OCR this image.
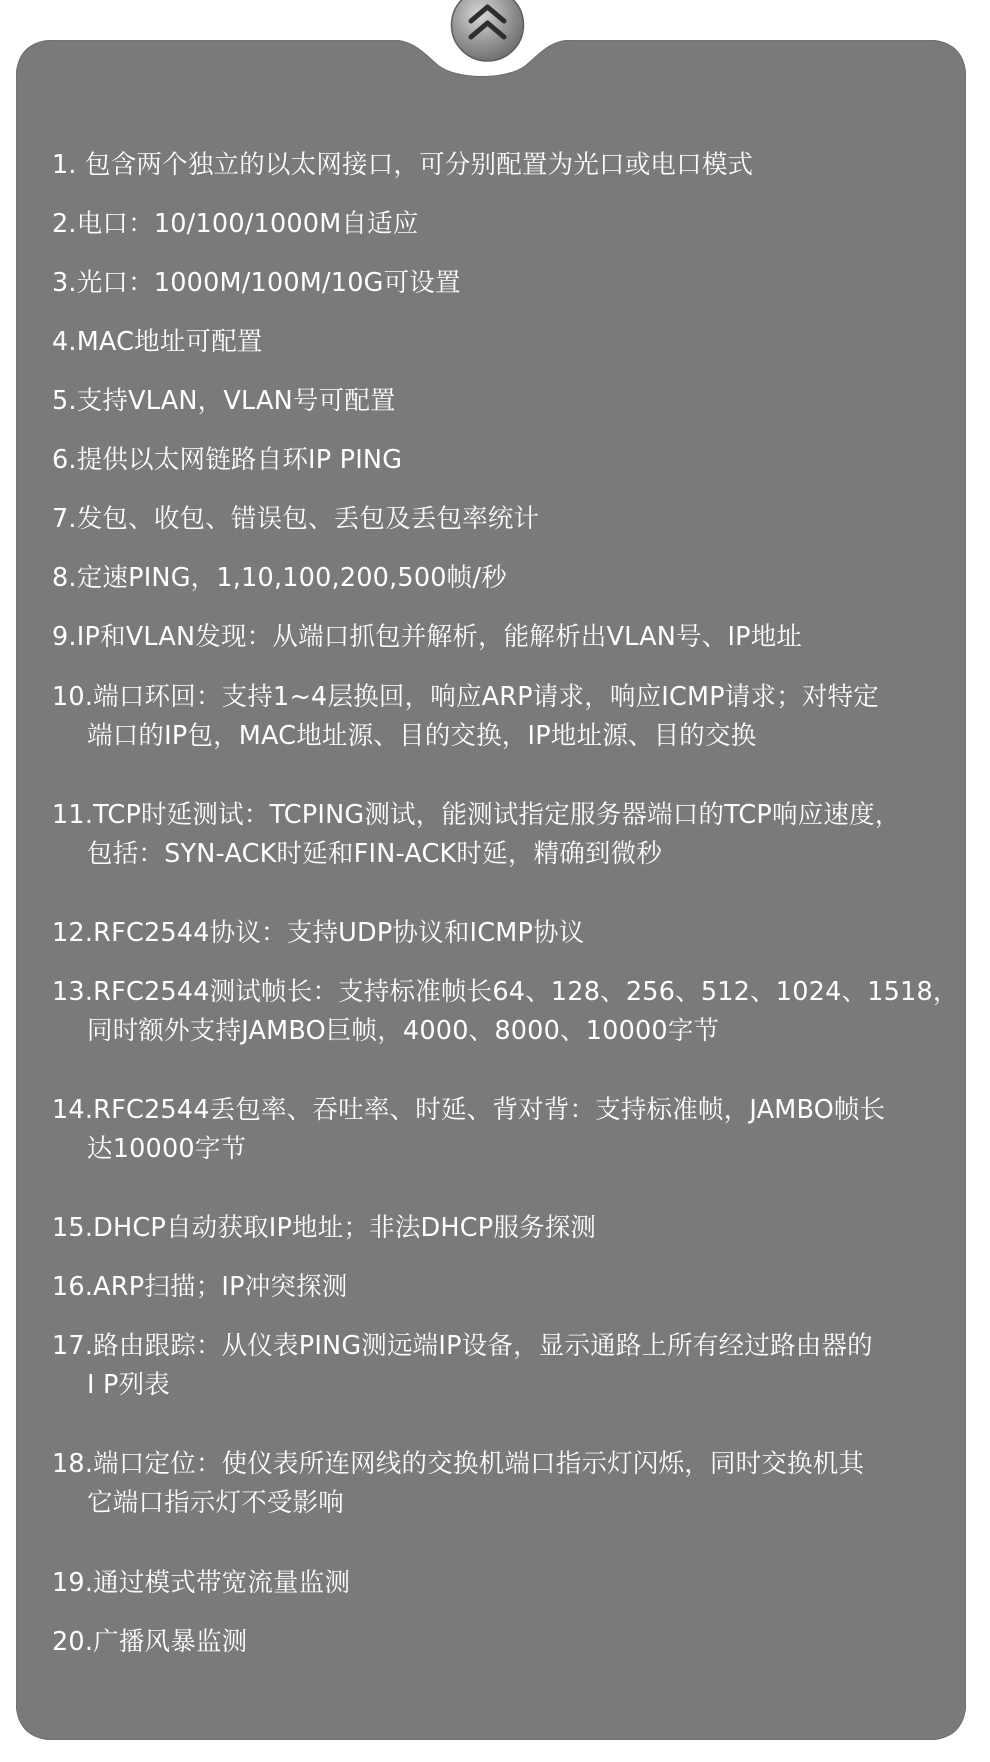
1. 包含两个独立的以太网接口，可分别配置为光口或电口模式
2.电口：10/100/1000M自适应
3.光口：1000M/100M/10G可设置
4.MAC地址可配置
5.支持VLAN，VLAN号可配置
6.提供以太网链路自环IP PING
7.发包、收包、错误包、丢包及丢包率统计
8.定速PING，1,10,100,200,500帧/秒
9.IP和VLAN发现：从端口抓包并解析，能解析出VLAN号、IP地址
10.端口环回：支持1~4层换回，响应ARP请求，响应ICMP请求；对特定
端口的IP包，MAC地址源、目的交换，IP地址源、目的交换
11.TCP时延测试：TCPING测试，能测试指定服务器端口的TCP响应速度，
包括：SYN-ACK时延和FIN-ACK时延，精确到微秒
12.RFC2544协议：支持UDP协议和ICMP协议
13.RFC2544测试帧长：支持标准帧长64、128、256、512、1024、1518，
同时额外支持JAMBO巨帧，4000、8000、10000字节
14.RFC2544丢包率、吞吐率、时延、背对背：支持标准帧，JAMBO帧长
达10000字节
15.DHCP自动获取IP地址；非法DHCP服务探测
16.ARP扫描；IP冲突探测
17.路由跟踪：从仪表PING测远端IP设备，显示通路上所有经过路由器的
I P列表
18.端口定位：使仪表所连网线的交换机端口指示灯闪烁，同时交换机其
它端口指示灯不受影响
19.通过模式带宽流量监测
20.广播风暴监测
